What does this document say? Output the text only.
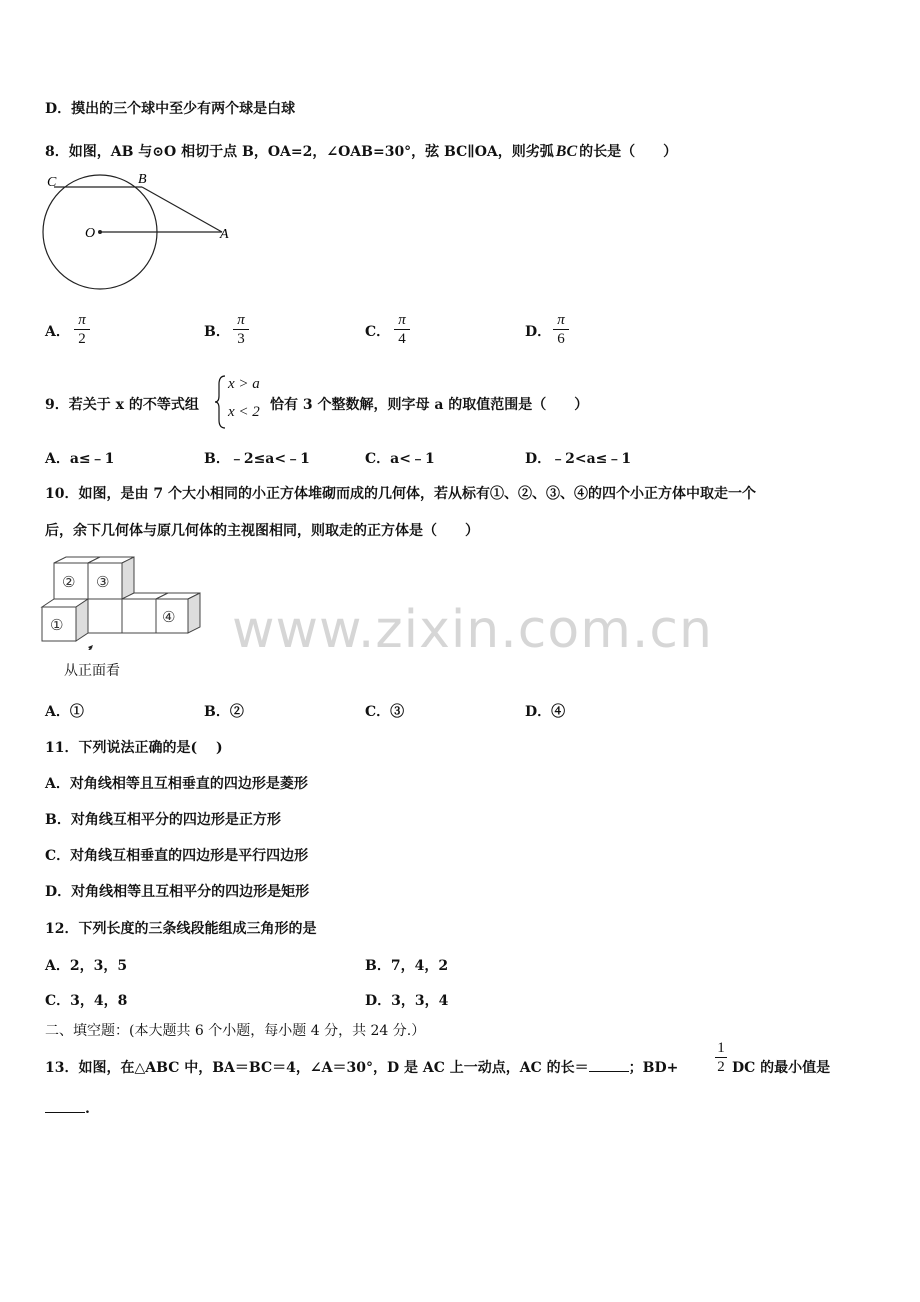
D．摸出的三个球中至少有两个球是白球
8．如图，AB 与⊙O 相切于点 B，OA=2，∠OAB=30°，弦 BC∥OA，则劣弧 BC 的长是（　　）
C	B
O	A
A．
π
2	B．
π
3	C．
π
4	D．
π
6
9．若关于 x 的不等式组
x > a
x < 2 恰有 3 个整数解，则字母 a 的取值范围是（　　）
A．a≤﹣1	B．﹣2≤a<﹣1	C．a<﹣1	D．﹣2<a≤﹣1
10．如图，是由 7 个大小相同的小正方体堆砌而成的几何体，若从标有①、②、③、④的四个小正方体中取走一个
后，余下几何体与原几何体的主视图相同，则取走的正方体是（　　）
② ③
①	④
从正面看
www.zixin.com.cn
A．①	B．②	C．③	D．④
11．下列说法正确的是(　 )
A．对角线相等且互相垂直的四边形是菱形
B．对角线互相平分的四边形是正方形
C．对角线互相垂直的四边形是平行四边形
D．对角线相等且互相平分的四边形是矩形
12．下列长度的三条线段能组成三角形的是
A．2，3，5	B．7，4，2
C．3，4，8	D．3，3，4
二、填空题：(本大题共 6 个小题，每小题 4 分，共 24 分.）
13．如图，在△ABC 中，BA＝BC＝4，∠A＝30°，D 是 AC 上一动点，AC 的长＝	；BD+
1
2 DC 的最小值是
.
